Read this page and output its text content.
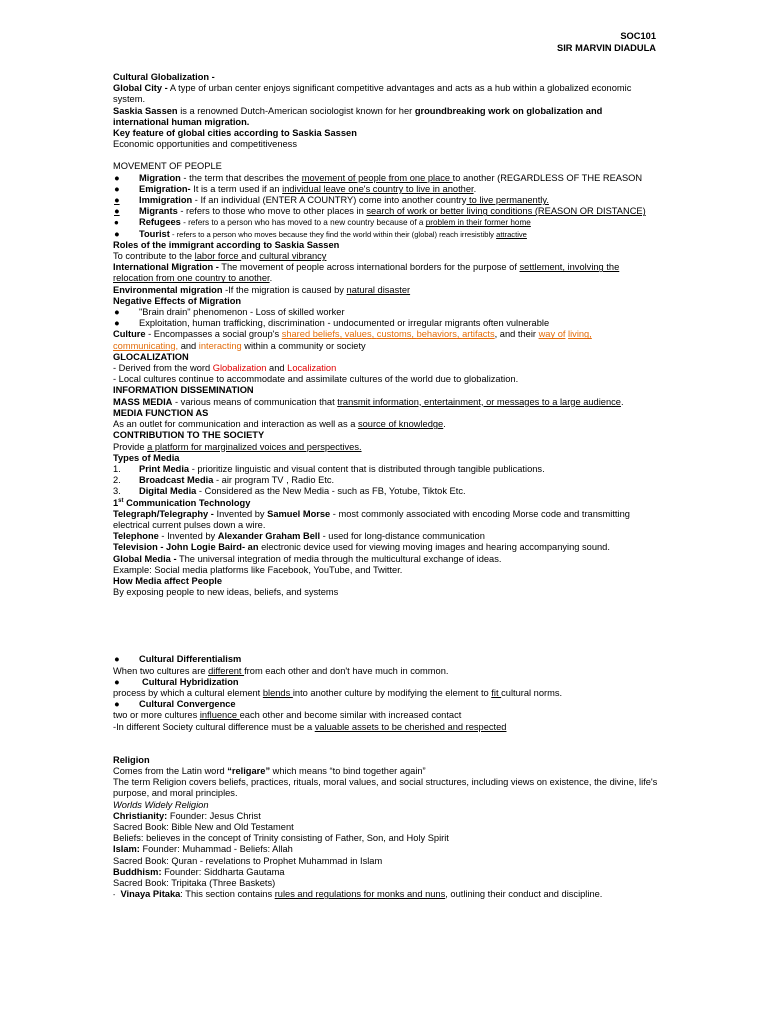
SOC101
SIR MARVIN DIADULA
Cultural Globalization -
Global City - A type of urban center enjoys significant competitive advantages and acts as a hub within a globalized economic system.
Saskia Sassen is a renowned Dutch-American sociologist known for her groundbreaking work on globalization and international human migration.
Key feature of global cities according to Saskia Sassen
Economic opportunities and competitiveness
MOVEMENT OF PEOPLE
● Migration - the term that describes the movement of people from one place to another (REGARDLESS OF THE REASON
● Emigration- It is a term used if an individual leave one's country to live in another.
● Immigration - If an individual (ENTER A COUNTRY) come into another country to live permanently.
● Migrants - refers to those who move to other places in search of work or better living conditions (REASON OR DISTANCE)
● Refugees - refers to a person who has moved to a new country because of a problem in their former home
● Tourist - refers to a person who moves because they find the world within their (global) reach irresistibly attractive
Roles of the immigrant according to Saskia Sassen
To contribute to the labor force and cultural vibrancy
International Migration - The movement of people across international borders for the purpose of settlement, involving the relocation from one country to another.
Environmental migration -If the migration is caused by natural disaster
Negative Effects of Migration
● "Brain drain" phenomenon - Loss of skilled worker
● Exploitation, human trafficking, discrimination - undocumented or irregular migrants often vulnerable
Culture - Encompasses a social group's shared beliefs, values, customs, behaviors, artifacts, and their way of living, communicating, and interacting within a community or society
GLOCALIZATION
- Derived from the word Globalization and Localization
- Local cultures continue to accommodate and assimilate cultures of the world due to globalization.
INFORMATION DISSEMINATION
MASS MEDIA - various means of communication that transmit information, entertainment, or messages to a large audience.
MEDIA FUNCTION AS
As an outlet for communication and interaction as well as a source of knowledge.
CONTRIBUTION TO THE SOCIETY
Provide a platform for marginalized voices and perspectives.
Types of Media
1. Print Media - prioritize linguistic and visual content that is distributed through tangible publications.
2. Broadcast Media - air program TV , Radio Etc.
3. Digital Media - Considered as the New Media - such as FB, Yotube, Tiktok Etc.
1st Communication Technology
Telegraph/Telegraphy - Invented by Samuel Morse - most commonly associated with encoding Morse code and transmitting electrical current pulses down a wire.
Telephone - Invented by Alexander Graham Bell - used for long-distance communication
Television - John Logie Baird- an electronic device used for viewing moving images and hearing accompanying sound.
Global Media - The universal integration of media through the multicultural exchange of ideas.
Example: Social media platforms like Facebook, YouTube, and Twitter.
How Media affect People
By exposing people to new ideas, beliefs, and systems
● Cultural Differentialism
When two cultures are different from each other and don't have much in common.
● Cultural Hybridization
process by which a cultural element blends into another culture by modifying the element to fit cultural norms.
● Cultural Convergence
two or more cultures influence each other and become similar with increased contact
-In different Society cultural difference must be a valuable assets to be cherished and respected
Religion
Comes from the Latin word “religare” which means “to bind together again”
The term Religion covers beliefs, practices, rituals, moral values, and social structures, including views on existence, the divine, life's purpose, and moral principles.
Worlds Widely Religion
Christianity: Founder: Jesus Christ
Sacred Book: Bible New and Old Testament
Beliefs: believes in the concept of Trinity consisting of Father, Son, and Holy Spirit
Islam: Founder: Muhammad - Beliefs: Allah
Sacred Book: Quran - revelations to Prophet Muhammad in Islam
Buddhism: Founder: Siddharta Gautama
Sacred Book: Tripitaka (Three Baskets)
- Vinaya Pitaka: This section contains rules and regulations for monks and nuns, outlining their conduct and discipline.
